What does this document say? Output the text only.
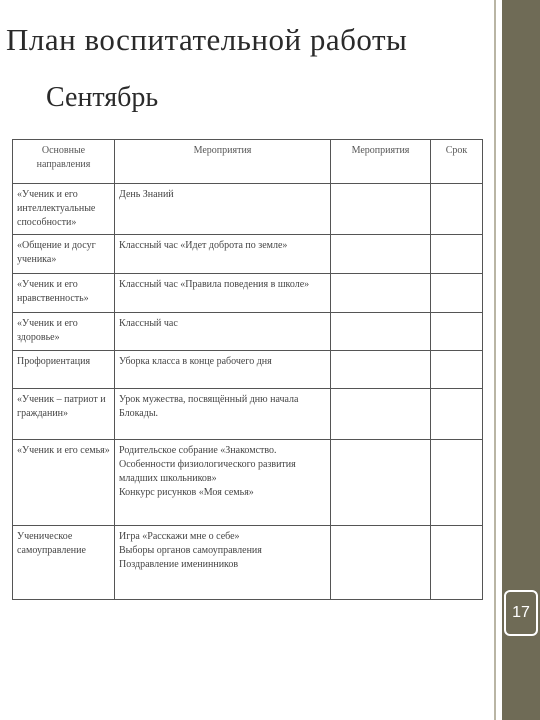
17
План воспитательной работы
Сентябрь
Основные направления	Мероприятия	Мероприятия	Срок
«Ученик и его интеллектуальные способности»	День Знаний		
«Общение и досуг ученика»	Классный час «Идет доброта по земле»		
«Ученик и его нравственность»	Классный час «Правила поведения в школе»		
«Ученик и его здоровье»	Классный час		
Профориентация	Уборка класса в конце рабочего дня		
«Ученик – патриот и гражданин»	Урок мужества, посвящённый дню начала Блокады.		
«Ученик и его семья»	Родительское собрание «Знакомство. Особенности физиологического развития младших школьников»
Конкурс рисунков «Моя семья»		
Ученическое самоуправление	Игра «Расскажи мне о себе»
Выборы органов самоуправления
Поздравление именинников		
